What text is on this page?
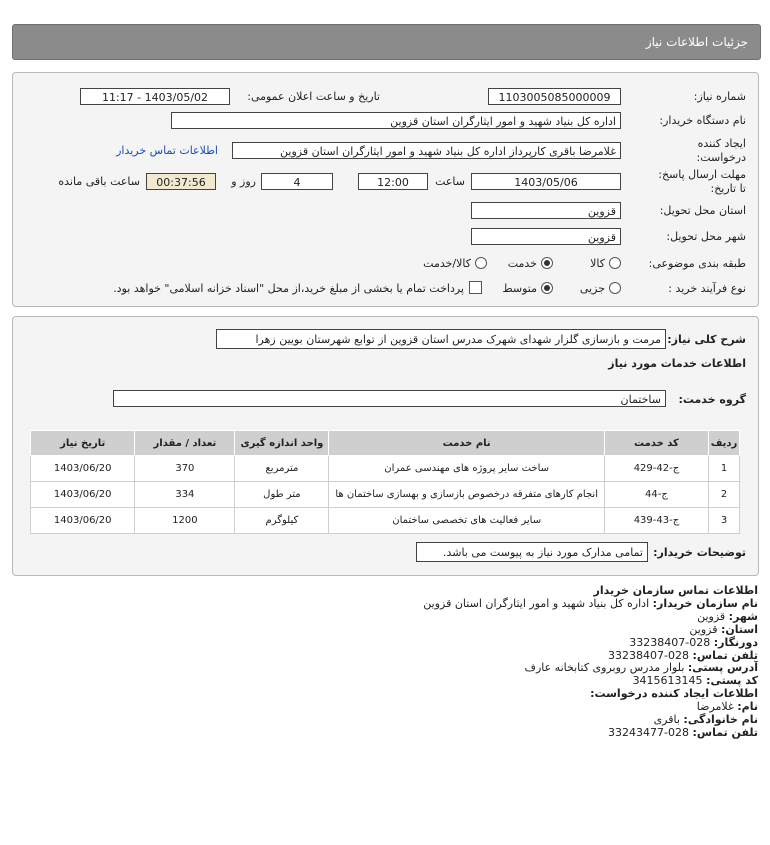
جزئیات اطلاعات نیاز
شماره نیاز:
1103005085000009
تاریخ و ساعت اعلان عمومی:
1403/05/02 - 11:17
نام دستگاه خریدار:
اداره کل بنیاد شهید و امور ایثارگران استان قزوین
ایجاد کننده
درخواست:
غلامرضا باقری کارپرداز اداره کل بنیاد شهید و امور ایثارگران استان قزوین
اطلاعات تماس خریدار
مهلت ارسال پاسخ:
تا تاریخ:
1403/05/06
ساعت
12:00
4
روز و
00:37:56
ساعت باقی مانده
استان محل تحویل:
قزوین
شهر محل تحویل:
قزوین
طبقه بندی موضوعی:
کالا
خدمت
کالا/خدمت
نوع فرآیند خرید :
جزیی
متوسط
پرداخت تمام یا بخشی از مبلغ خرید،از محل "اسناد خزانه اسلامی" خواهد بود.
شرح کلی نیاز:
مرمت و بازسازی گلزار شهدای شهرک مدرس استان قزوین از توابع شهرستان بویین زهرا
اطلاعات خدمات مورد نیاز
گروه خدمت:
ساختمان
توضیحات خریدار:
تمامی مدارک مورد نیاز به پیوست می باشد.
ردیف	کد خدمت	نام خدمت	واحد اندازه گیری	تعداد / مقدار	تاریخ نیاز
1	ج-42-429	ساخت سایر پروژه های مهندسی عمران	مترمربع	370	1403/06/20
2	ج-44	انجام کارهای متفرقه درخصوص بازسازی و بهسازی ساختمان ها	متر طول	334	1403/06/20
3	ج-43-439	سایر فعالیت های تخصصی ساختمان	کیلوگرم	1200	1403/06/20
اطلاعات تماس سازمان خریدار
نام سازمان خریدار: اداره کل بنیاد شهید و امور ایثارگران استان قزوین
شهر: قزوین
استان: قزوین
دورنگار: 028-33238407
تلفن تماس: 028-33238407
آدرس پستی: بلوار مدرس روبروی کتابخانه عارف
کد پستی: 3415613145
اطلاعات ایجاد کننده درخواست:
نام: غلامرضا
نام خانوادگی: باقری
تلفن تماس: 028-33243477
